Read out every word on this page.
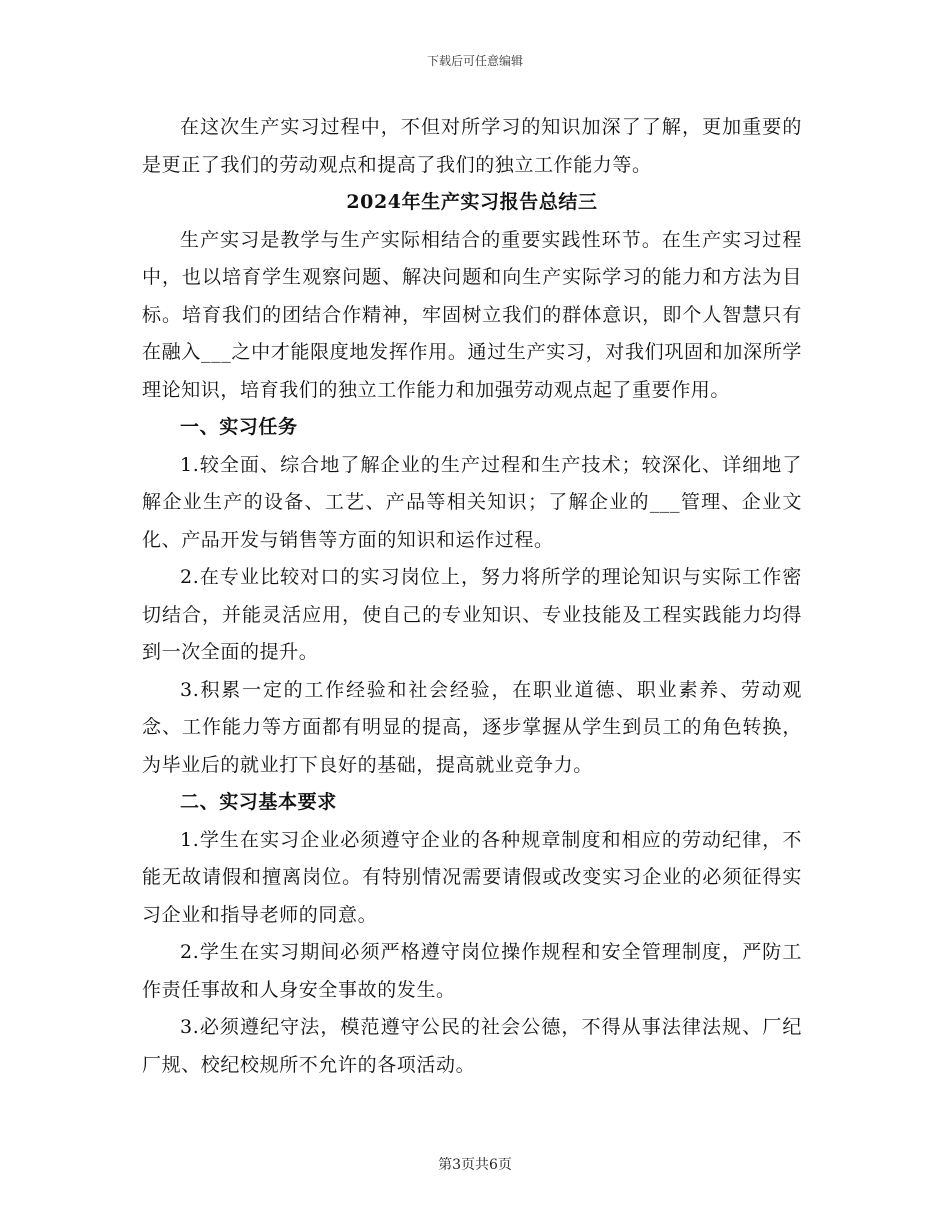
下载后可任意编辑

在这次生产实习过程中，不但对所学习的知识加深了了解，更加重要的是更正了我们的劳动观点和提高了我们的独立工作能力等。

2024年生产实习报告总结三

生产实习是教学与生产实际相结合的重要实践性环节。在生产实习过程中，也以培育学生观察问题、解决问题和向生产实际学习的能力和方法为目标。培育我们的团结合作精神，牢固树立我们的群体意识，即个人智慧只有在融入___之中才能限度地发挥作用。通过生产实习，对我们巩固和加深所学理论知识，培育我们的独立工作能力和加强劳动观点起了重要作用。

一、实习任务

1.较全面、综合地了解企业的生产过程和生产技术；较深化、详细地了解企业生产的设备、工艺、产品等相关知识；了解企业的___管理、企业文化、产品开发与销售等方面的知识和运作过程。

2.在专业比较对口的实习岗位上，努力将所学的理论知识与实际工作密切结合，并能灵活应用，使自己的专业知识、专业技能及工程实践能力均得到一次全面的提升。

3.积累一定的工作经验和社会经验，在职业道德、职业素养、劳动观念、工作能力等方面都有明显的提高，逐步掌握从学生到员工的角色转换，为毕业后的就业打下良好的基础，提高就业竞争力。

二、实习基本要求

1.学生在实习企业必须遵守企业的各种规章制度和相应的劳动纪律，不能无故请假和擅离岗位。有特别情况需要请假或改变实习企业的必须征得实习企业和指导老师的同意。

2.学生在实习期间必须严格遵守岗位操作规程和安全管理制度，严防工作责任事故和人身安全事故的发生。

3.必须遵纪守法，模范遵守公民的社会公德，不得从事法律法规、厂纪厂规、校纪校规所不允许的各项活动。

第3页共6页
